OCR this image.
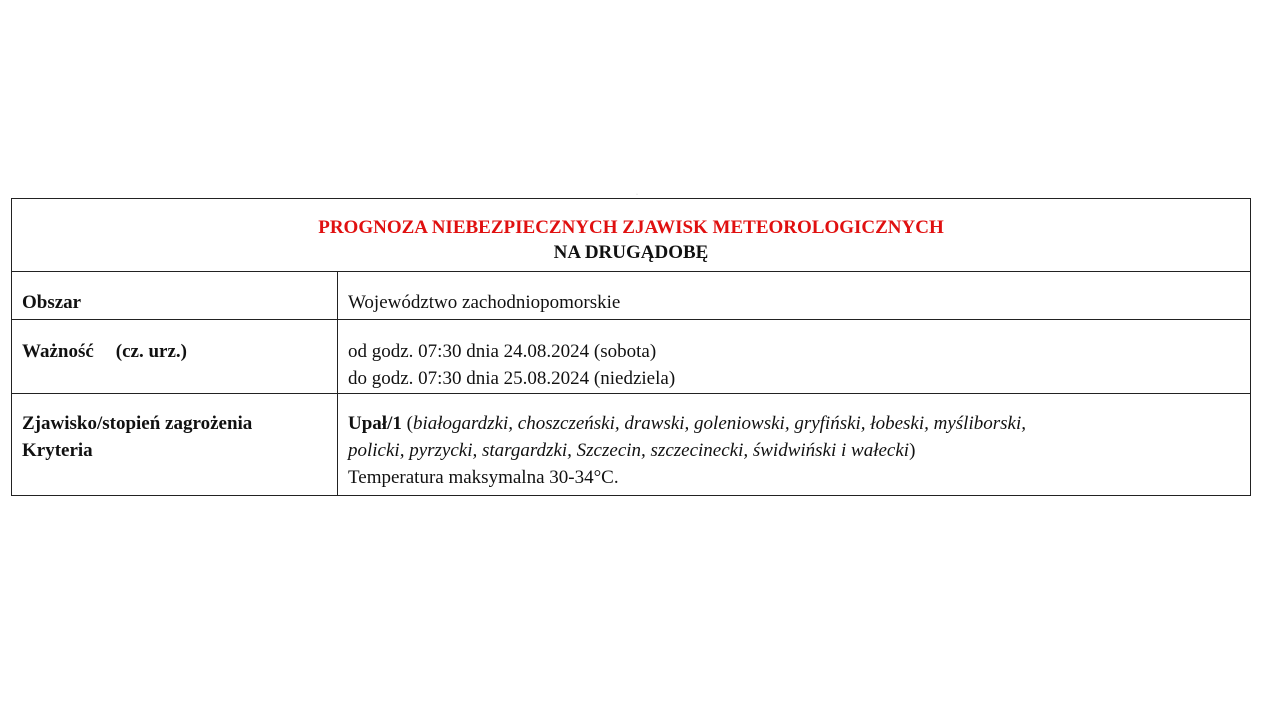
·
PROGNOZA NIEBEZPIECZNYCH ZJAWISK METEOROLOGICZNYCH
NA DRUGĄDOBĘ	

Obszar	Województwo zachodniopomorskie
Ważność (cz. urz.)	od godz. 07:30 dnia 24.08.2024 (sobota)
do godz. 07:30 dnia 25.08.2024 (niedziela)

Zjawisko/stopień zagrożenia
Kryteria	Upał/1 (białogardzki, choszczeński, drawski, goleniowski, gryfiński, łobeski, myśliborski,
policki, pyrzycki, stargardzki, Szczecin, szczecinecki, świdwiński i wałecki)
Temperatura maksymalna 30-34°C.
